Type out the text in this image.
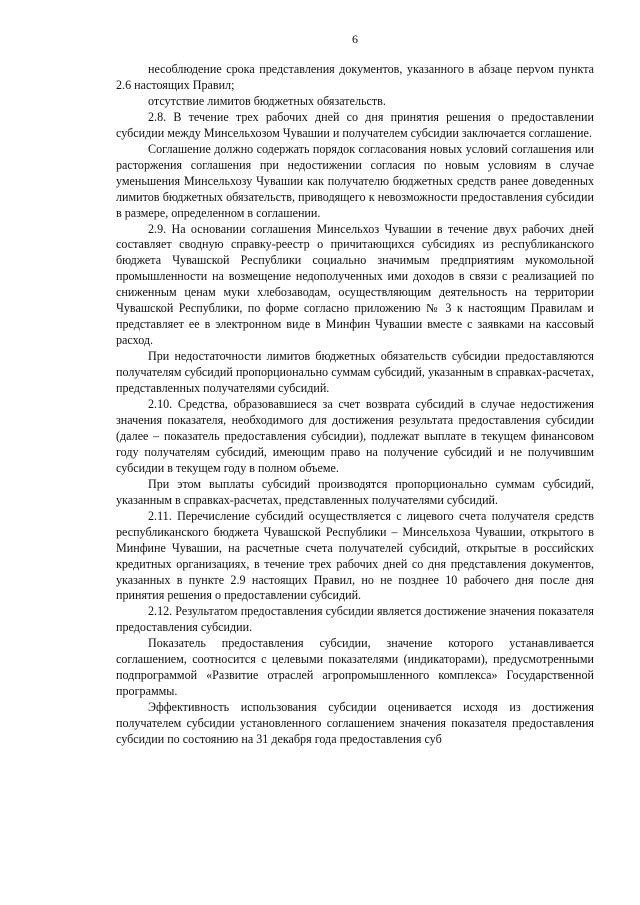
6

несоблюдение срока представления документов, указанного в абзаце перvом пункта 2.6 настоящих Правил;

отсутствие лимитов бюджетных обязательств.

2.8. В течение трех рабочих дней со дня принятия решения о предоставлении субсидии между Минсельхозом Чувашии и получателем субсидии заключается соглашение.

Соглашение должно содержать порядок согласования новых условий соглашения или расторжения соглашения при недостижении согласия по новым условиям в случае уменьшения Минсельхозу Чувашии как получателю бюджетных средств ранее доведенных лимитов бюджетных обязательств, приводящего к невозможности предоставления субсидии в размере, определенном в соглашении.

2.9. На основании соглашения Минсельхоз Чувашии в течение двух рабочих дней составляет сводную справку-реестр о причитающихся субсидиях из республиканского бюджета Чувашской Республики социально значимым предприятиям мукомольной промышленности на возмещение недополученных ими доходов в связи с реализацией по сниженным ценам муки хлебозаводам, осуществляющим деятельность на территории Чувашской Республики, по форме согласно приложению № 3 к настоящим Правилам и представляет ее в электронном виде в Минфин Чувашии вместе с заявками на кассовый расход.

При недостаточности лимитов бюджетных обязательств субсидии предоставляются получателям субсидий пропорционально суммам субсидий, указанным в справках-расчетах, представленных получателями субсидий.

2.10. Средства, образовавшиеся за счет возврата субсидий в случае недостижения значения показателя, необходимого для достижения результата предоставления субсидии (далее – показатель предоставления субсидии), подлежат выплате в текущем финансовом году получателям субсидий, имеющим право на получение субсидий и не получившим субсидии в текущем году в полном объеме.

При этом выплаты субсидий производятся пропорционально суммам субсидий, указанным в справках-расчетах, представленных получателями субсидий.

2.11. Перечисление субсидий осуществляется с лицевого счета получателя средств республиканского бюджета Чувашской Республики – Минсельхоза Чувашии, открытого в Минфине Чувашии, на расчетные счета получателей субсидий, открытые в российских кредитных организациях, в течение трех рабочих дней со дня представления документов, указанных в пункте 2.9 настоящих Правил, но не позднее 10 рабочего дня после дня принятия решения о предоставлении субсидий.

2.12. Результатом предоставления субсидии является достижение значения показателя предоставления субсидии.

Показатель предоставления субсидии, значение которого устанавливается соглашением, соотносится с целевыми показателями (индикаторами), предусмотренными подпрограммой «Развитие отраслей агропромышленного комплекса» Государственной программы.

Эффективность использования субсидии оценивается исходя из достижения получателем субсидии установленного соглашением значения показателя предоставления субсидии по состоянию на 31 декабря года предоставления суб
